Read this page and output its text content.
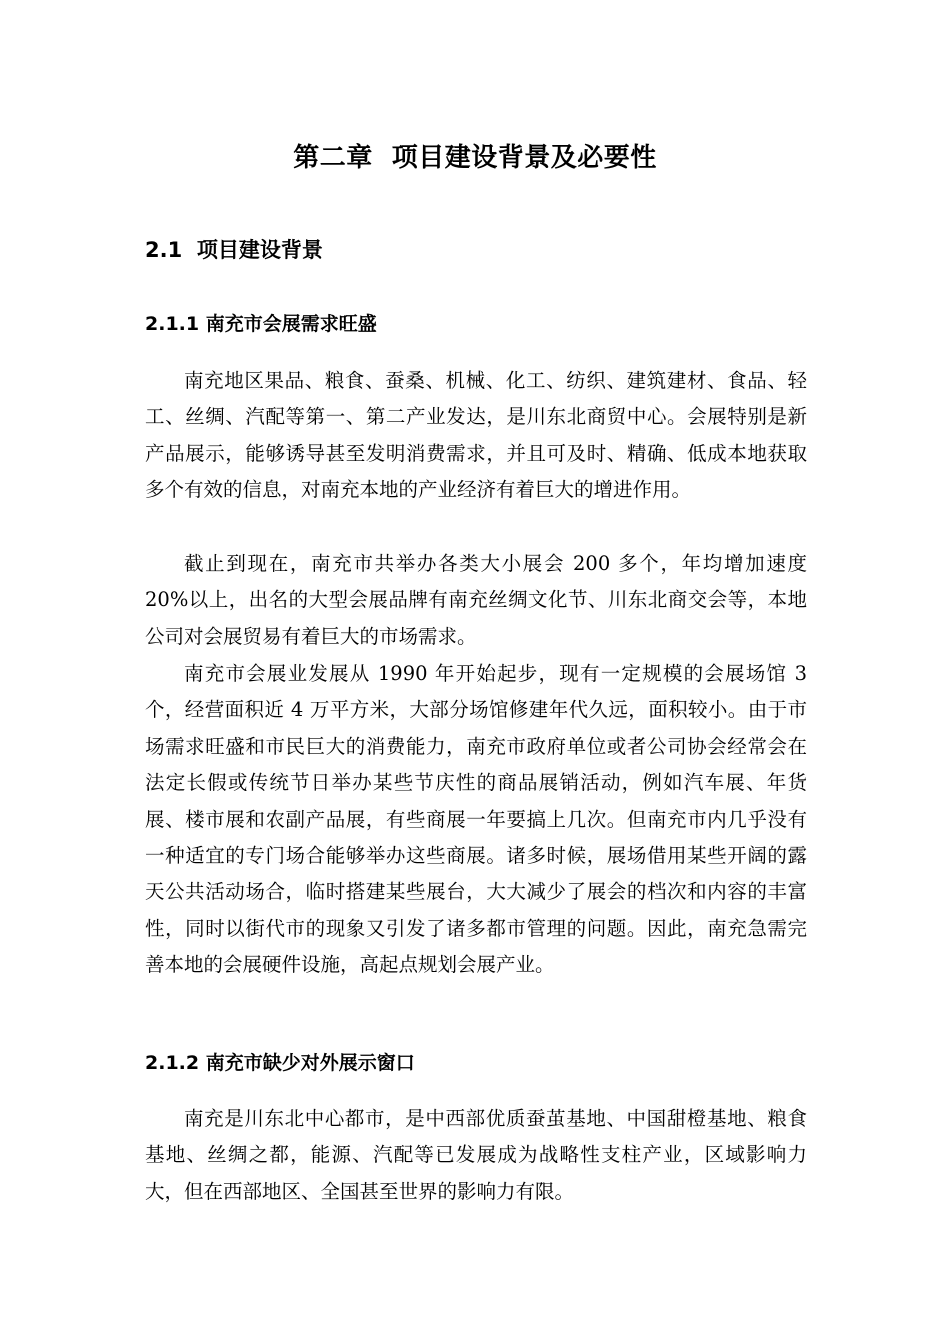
第二章  项目建设背景及必要性
2.1  项目建设背景
2.1.1 南充市会展需求旺盛

南充地区果品、粮食、蚕桑、机械、化工、纺织、建筑建材、食品、轻工、丝绸、汽配等第一、第二产业发达，是川东北商贸中心。会展特别是新产品展示，能够诱导甚至发明消费需求，并且可及时、精确、低成本地获取多个有效的信息，对南充本地的产业经济有着巨大的增进作用。

截止到现在，南充市共举办各类大小展会 200 多个，年均增加速度 20%以上，出名的大型会展品牌有南充丝绸文化节、川东北商交会等，本地公司对会展贸易有着巨大的市场需求。

南充市会展业发展从 1990 年开始起步，现有一定规模的会展场馆 3 个，经营面积近 4 万平方米，大部分场馆修建年代久远，面积较小。由于市场需求旺盛和市民巨大的消费能力，南充市政府单位或者公司协会经常会在法定长假或传统节日举办某些节庆性的商品展销活动，例如汽车展、年货展、楼市展和农副产品展，有些商展一年要搞上几次。但南充市内几乎没有一种适宜的专门场合能够举办这些商展。诸多时候，展场借用某些开阔的露天公共活动场合，临时搭建某些展台，大大减少了展会的档次和内容的丰富性，同时以街代市的现象又引发了诸多都市管理的问题。因此，南充急需完善本地的会展硬件设施，高起点规划会展产业。

2.1.2 南充市缺少对外展示窗口

南充是川东北中心都市，是中西部优质蚕茧基地、中国甜橙基地、粮食基地、丝绸之都，能源、汽配等已发展成为战略性支柱产业，区域影响力大，但在西部地区、全国甚至世界的影响力有限。
